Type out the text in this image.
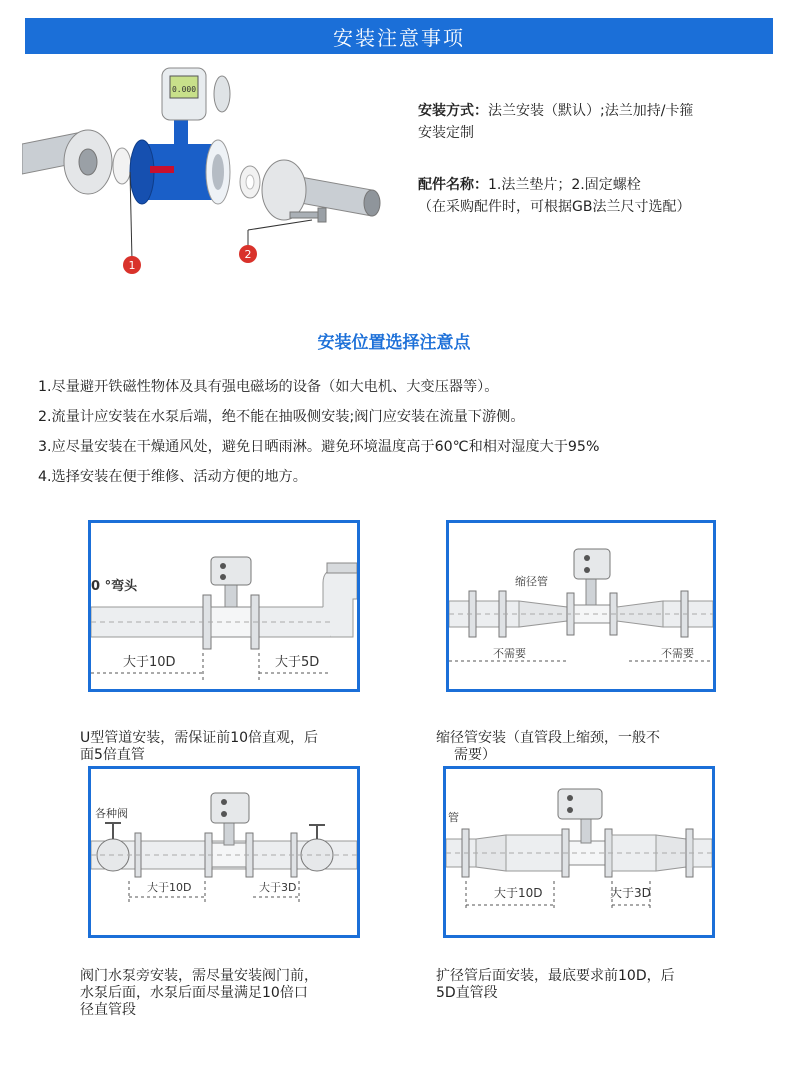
安装注意事项
0.000
1
2
安装方式：法兰安装（默认）;法兰加持/卡箍
安装定制
配件名称：1.法兰垫片；2.固定螺栓
（在采购配件时，可根据GB法兰尺寸选配）
安装位置选择注意点
1.尽量避开铁磁性物体及具有强电磁场的设备（如大电机、大变压器等）。
2.流量计应安装在水泵后端，绝不能在抽吸侧安装;阀门应安装在流量下游侧。
3.应尽量安装在干燥通风处，避免日晒雨淋。避免环境温度高于60℃和相对湿度大于95%
4.选择安装在便于维修、活动方便的地方。
0 °弯头
大于10D	大于5D
U型管道安装，需保证前10倍直观，后
面5倍直管
缩径管
不需要	不需要
缩径管安装（直管段上缩颈，一般不
需要）
各种阀
大于10D	大于3D
阀门水泵旁安装，需尽量安装阀门前，
水泵后面，水泵后面尽量满足10倍口
径直管段
管
大于10D	大于3D
扩径管后面安装，最底要求前10D，后
5D直管段
